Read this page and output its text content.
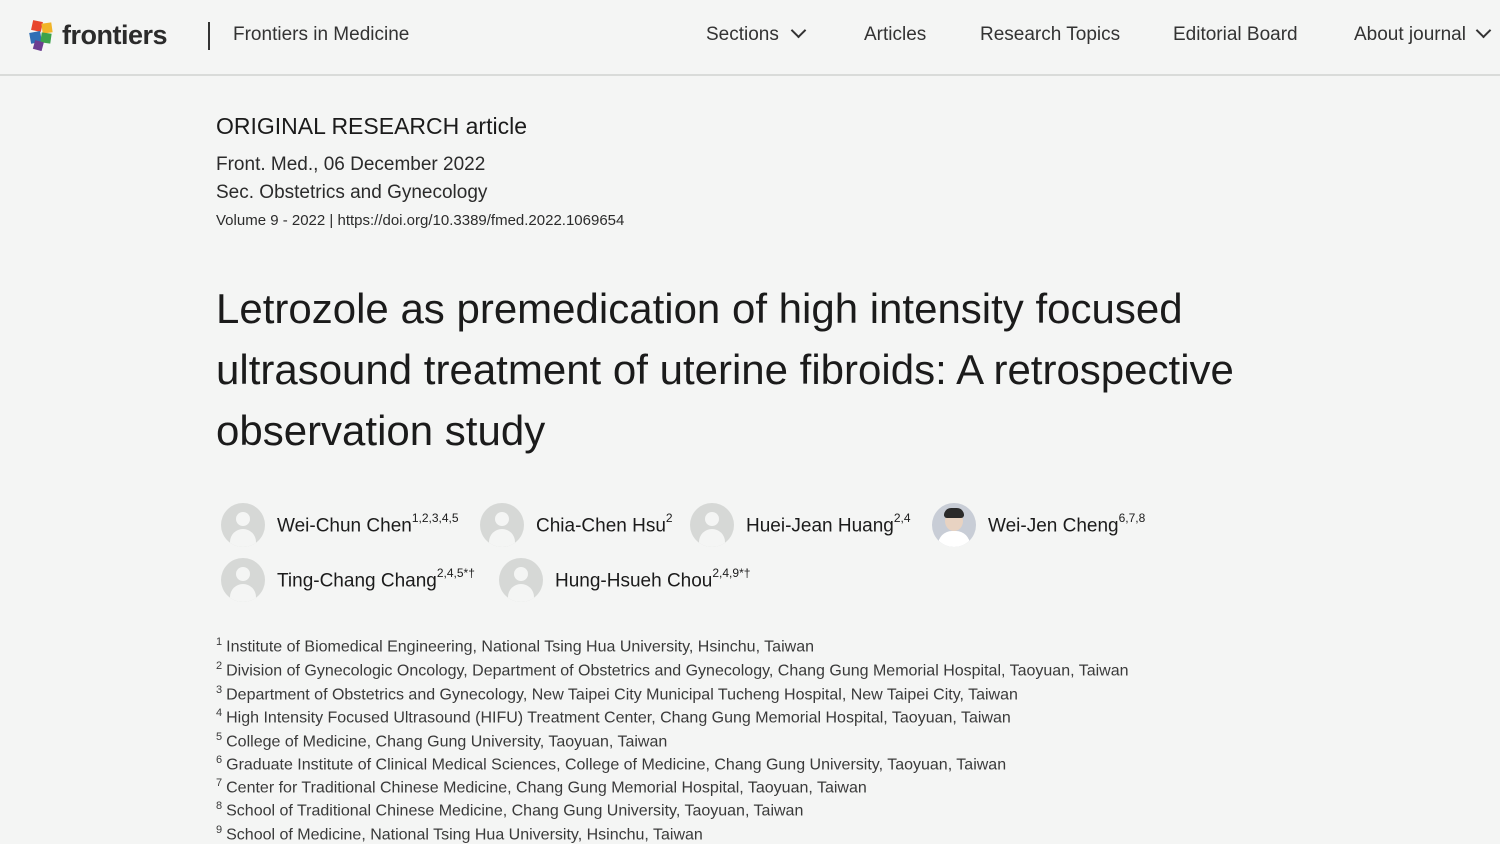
frontiers	Frontiers in Medicine	Sections	Articles	Research Topics	Editorial Board	About journal
ORIGINAL RESEARCH article
Front. Med., 06 December 2022
Sec. Obstetrics and Gynecology
Volume 9 - 2022 | https://doi.org/10.3389/fmed.2022.1069654
Letrozole as premedication of high intensity focused ultrasound treatment of uterine fibroids: A retrospective observation study
Wei-Chun Chen$^{1,2,3,4,5}$	Chia-Chen Hsu$^2$	Huei-Jean Huang$^{2,4}$	Wei-Jen Cheng$^{6,7,8}$
Ting-Chang Chang$^{2,4,5*\dagger}$	Hung-Hsueh Chou$^{2,4,9*\dagger}$
$^1$ Institute of Biomedical Engineering, National Tsing Hua University, Hsinchu, Taiwan
$^2$ Division of Gynecologic Oncology, Department of Obstetrics and Gynecology, Chang Gung Memorial Hospital, Taoyuan, Taiwan
$^3$ Department of Obstetrics and Gynecology, New Taipei City Municipal Tucheng Hospital, New Taipei City, Taiwan
$^4$ High Intensity Focused Ultrasound (HIFU) Treatment Center, Chang Gung Memorial Hospital, Taoyuan, Taiwan
$^5$ College of Medicine, Chang Gung University, Taoyuan, Taiwan
$^6$ Graduate Institute of Clinical Medical Sciences, College of Medicine, Chang Gung University, Taoyuan, Taiwan
$^7$ Center for Traditional Chinese Medicine, Chang Gung Memorial Hospital, Taoyuan, Taiwan
$^8$ School of Traditional Chinese Medicine, Chang Gung University, Taoyuan, Taiwan
$^9$ School of Medicine, National Tsing Hua University, Hsinchu, Taiwan
